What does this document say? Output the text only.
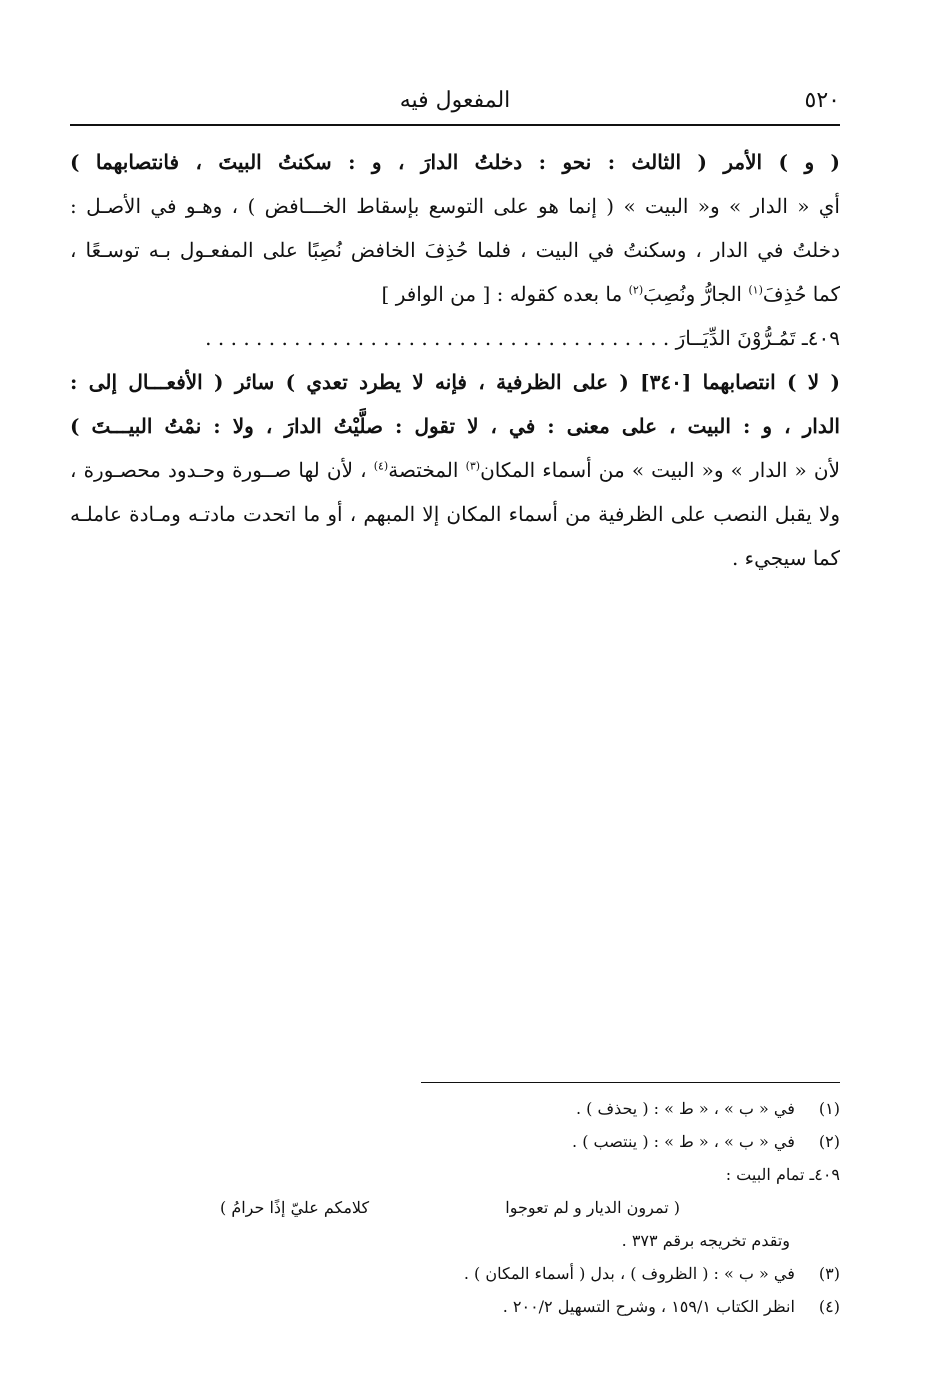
٥٢٠
المفعول فيه

( و ) الأمر ( الثالث : نحو : دخلتُ الدارَ ، و : سكنتُ البيتَ ، فانتصابهما )

أي « الدار » و« البيت » ( إنما هو على التوسع بإسقاط الخـــافض ) ، وهـو في الأصـل :

دخلتُ في الدار ، وسكنتُ في البيت ، فلما حُذِفَ الخافض نُصِبًا على المفعـول بـه توسـعًا ،

كما حُذِفَ$^{(١)}$ الجارُّ ونُصِبَ$^{(٢)}$ ما بعده كقوله : [ من الوافر ]

٤٠٩ـ تَمُـرُّوْنَ الدِّيَــارَ . . . . . . . . . . . . . . . . . . . . . . . . . . . . . . . . . . . . .

( لا ) انتصابهما [٣٤٠] ( على الظرفية ، فإنه لا يطرد تعدي ) سائر ( الأفعـــال إلى :

الدار ، و : البيت ، على معنى : في ، لا تقول : صلَّيْتُ الدارَ ، ولا : نمْتُ البيـــتَ )

لأن « الدار » و« البيت » من أسماء المكان$^{(٣)}$ المختصة$^{(٤)}$ ، لأن لها صــورة وحـدود محصـورة ،

ولا يقبل النصب على الظرفية من أسماء المكان إلا المبهم ، أو ما اتحدت مادتـه ومـادة عاملـه

كما سيجيء .

(١) في « ب » ، « ط » : ( يحذف ) .
(٢) في « ب » ، « ط » : ( ينتصب ) .
٤٠٩ـ تمام البيت :
( تمرون الديار و لم تعوجوا
كلامكم عليّ إذًا حرامُ )
وتقدم تخريجه برقم ٣٧٣ .
(٣) في « ب » : ( الظروف ) ، بدل ( أسماء المكان ) .
(٤) انظر الكتاب ١٥٩/١ ، وشرح التسهيل ٢٠٠/٢ .
